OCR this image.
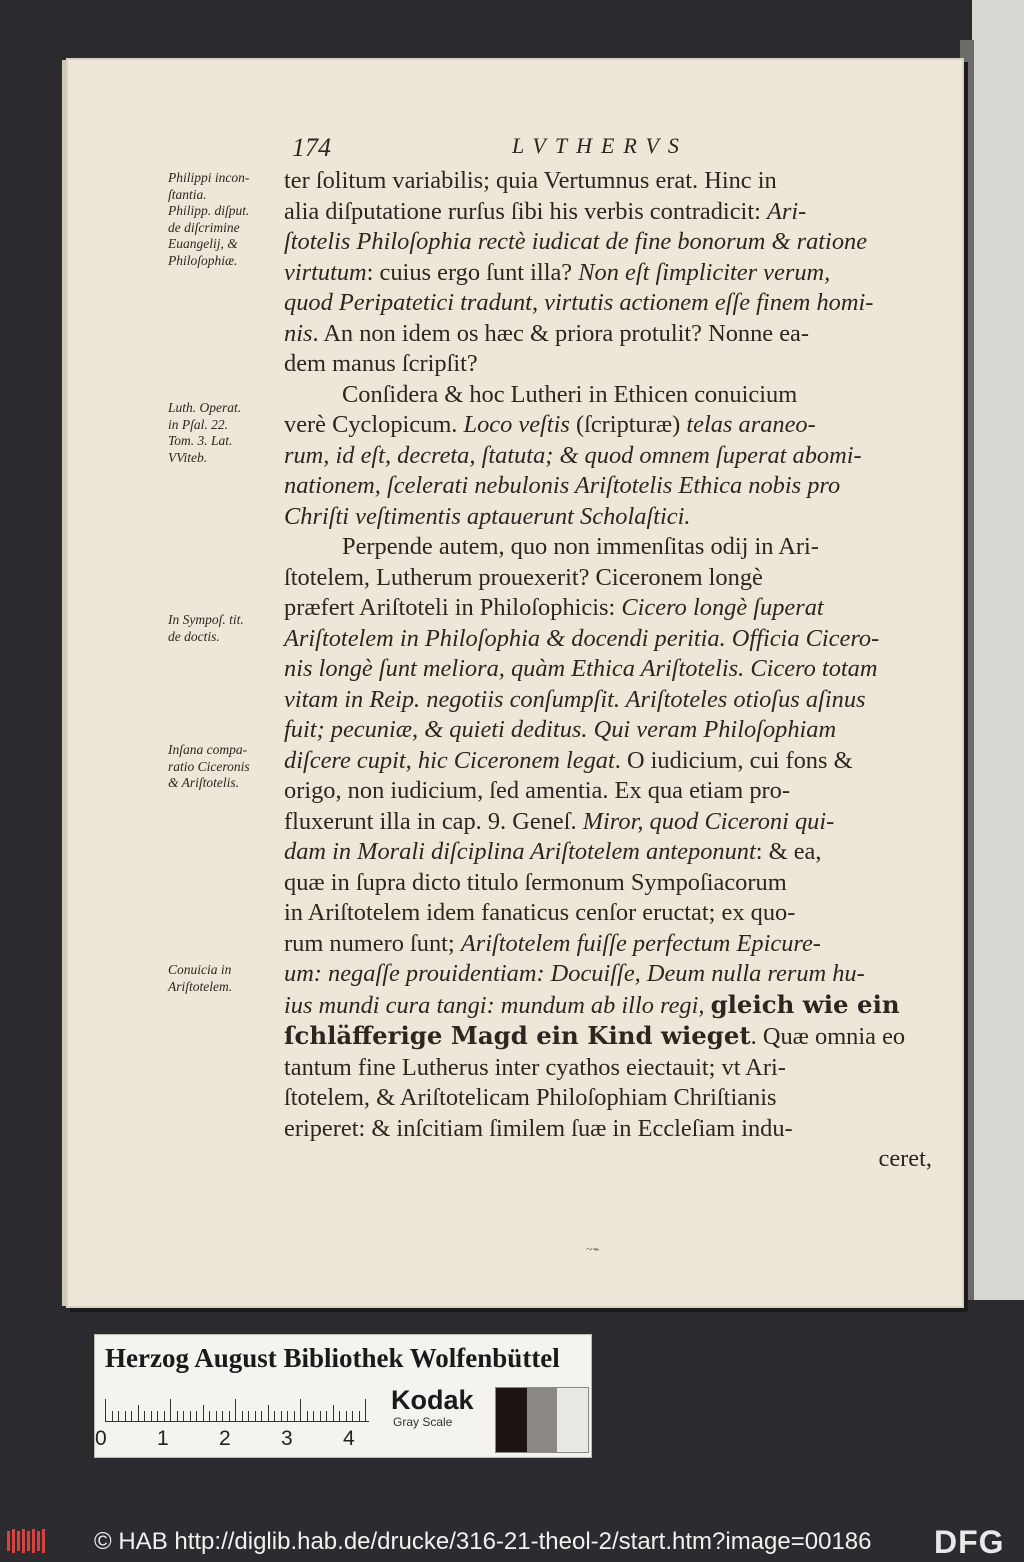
174	LVTHERVS
ter ſolitum variabilis; quia Vertumnus erat. Hinc in
alia diſputatione rurſus ſibi his verbis contradicit: Ari-
ſtotelis Philoſophia rectè iudicat de fine bonorum & ratione
virtutum: cuius ergo ſunt illa? Non eſt ſimpliciter verum,
quod Peripatetici tradunt, virtutis actionem eſſe finem homi-
nis. An non idem os hæc & priora protulit? Nonne ea-
dem manus ſcripſit?
Conſidera & hoc Lutheri in Ethicen conuicium
verè Cyclopicum. Loco veſtis (ſcripturæ) telas araneo-
rum, id eſt, decreta, ſtatuta; & quod omnem ſuperat abomi-
nationem, ſcelerati nebulonis Ariſtotelis Ethica nobis pro
Chriſti veſtimentis aptauerunt Scholaſtici.
Perpende autem, quo non immenſitas odij in Ari-
ſtotelem, Lutherum prouexerit? Ciceronem longè
præfert Ariſtoteli in Philoſophicis: Cicero longè ſuperat
Ariſtotelem in Philoſophia & docendi peritia. Officia Cicero-
nis longè ſunt meliora, quàm Ethica Ariſtotelis. Cicero totam
vitam in Reip. negotiis conſumpſit. Ariſtoteles otioſus aſinus
fuit; pecuniæ, & quieti deditus. Qui veram Philoſophiam
diſcere cupit, hic Ciceronem legat. O iudicium, cui fons &
origo, non iudicium, ſed amentia. Ex qua etiam pro-
fluxerunt illa in cap. 9. Geneſ. Miror, quod Ciceroni qui-
dam in Morali diſciplina Ariſtotelem anteponunt: & ea,
quæ in ſupra dicto titulo ſermonum Sympoſiacorum
in Ariſtotelem idem fanaticus cenſor eructat; ex quo-
rum numero ſunt; Ariſtotelem fuiſſe perfectum Epicure-
um: negaſſe prouidentiam: Docuiſſe, Deum nulla rerum hu-
ius mundi cura tangi: mundum ab illo regi, gleich wie ein
ſchläfferige Magd ein Kind wieget. Quæ omnia eo
tantum fine Lutherus inter cyathos eiectauit; vt Ari-
ſtotelem, & Ariſtotelicam Philoſophiam Chriſtianis
eriperet: & inſcitiam ſimilem ſuæ in Eccleſiam indu-
ceret,
Philippi incon-
ſtantia.
Philipp. diſput.
de diſcrimine
Euangelij, &
Philoſophiæ.
Luth. Operat.
in Pſal. 22.
Tom. 3. Lat.
VViteb.
In Sympoſ. tit.
de doctis.
Inſana compa-
ratio Ciceronis
& Ariſtotelis.
Conuicia in
Ariſtotelem.
~⌁
Herzog August Bibliothek Wolfenbüttel
0 1 2 3 4
Kodak
Gray Scale
© HAB http://diglib.hab.de/drucke/316-21-theol-2/start.htm?image=00186 DFG
